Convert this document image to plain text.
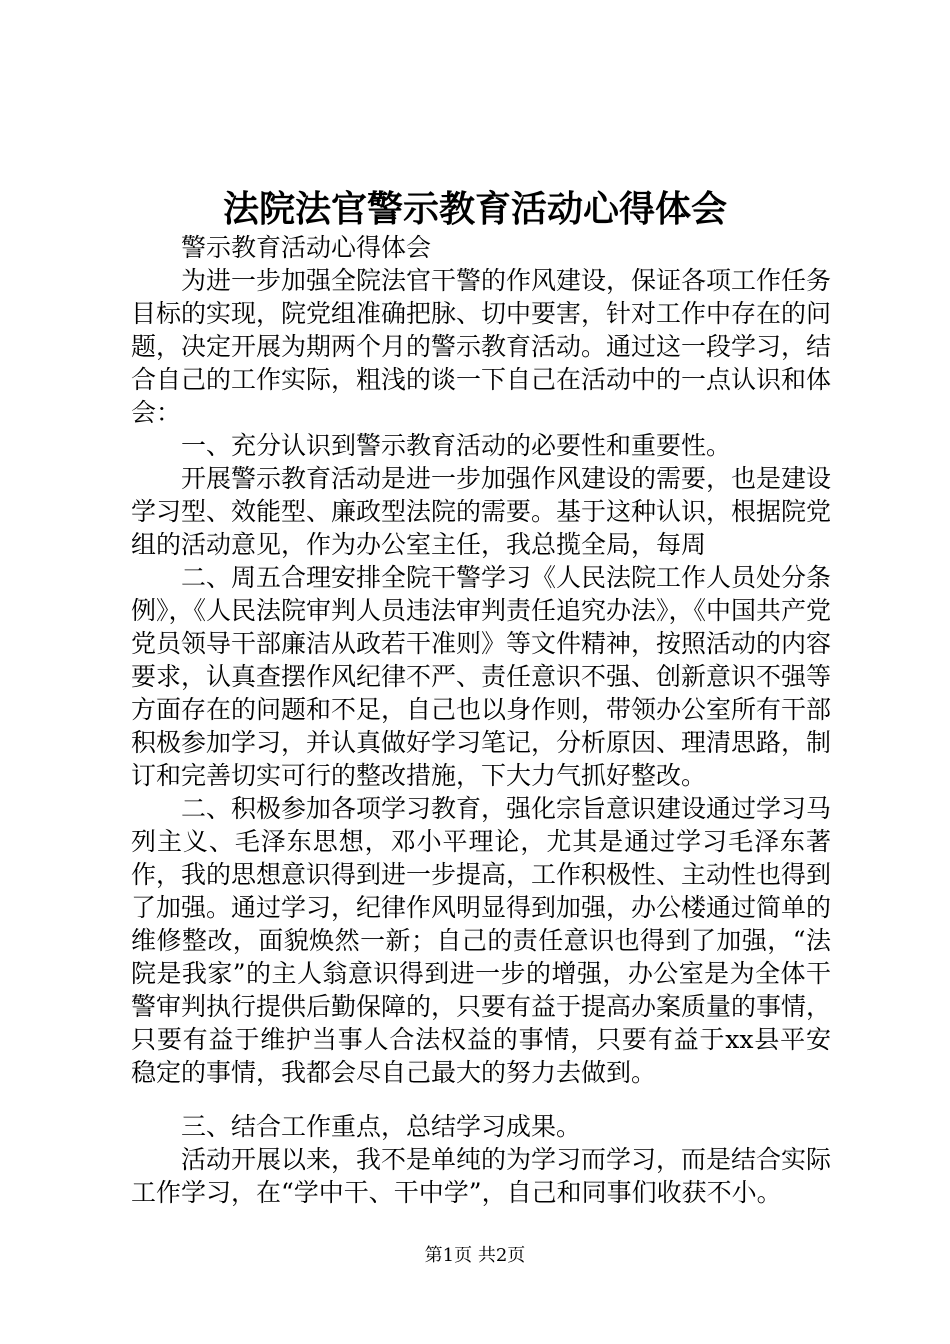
法院法官警示教育活动心得体会

警示教育活动心得体会

为进一步加强全院法官干警的作风建设，保证各项工作任务目标的实现，院党组准确把脉、切中要害，针对工作中存在的问题，决定开展为期两个月的警示教育活动。通过这一段学习，结合自己的工作实际，粗浅的谈一下自己在活动中的一点认识和体会：

一、充分认识到警示教育活动的必要性和重要性。

开展警示教育活动是进一步加强作风建设的需要，也是建设学习型、效能型、廉政型法院的需要。基于这种认识，根据院党组的活动意见，作为办公室主任，我总揽全局，每周

二、周五合理安排全院干警学习《人民法院工作人员处分条例》，《人民法院审判人员违法审判责任追究办法》，《中国共产党党员领导干部廉洁从政若干准则》等文件精神，按照活动的内容要求，认真查摆作风纪律不严、责任意识不强、创新意识不强等方面存在的问题和不足，自己也以身作则，带领办公室所有干部积极参加学习，并认真做好学习笔记，分析原因、理清思路，制订和完善切实可行的整改措施，下大力气抓好整改。

二、积极参加各项学习教育，强化宗旨意识建设通过学习马列主义、毛泽东思想，邓小平理论，尤其是通过学习毛泽东著作，我的思想意识得到进一步提高，工作积极性、主动性也得到了加强。通过学习，纪律作风明显得到加强，办公楼通过简单的维修整改，面貌焕然一新；自己的责任意识也得到了加强，“法院是我家”的主人翁意识得到进一步的增强，办公室是为全体干警审判执行提供后勤保障的，只要有益于提高办案质量的事情，只要有益于维护当事人合法权益的事情，只要有益于xx县平安稳定的事情，我都会尽自己最大的努力去做到。

三、结合工作重点，总结学习成果。

活动开展以来，我不是单纯的为学习而学习，而是结合实际工作学习，在“学中干、干中学”，自己和同事们收获不小。

第1页 共2页
